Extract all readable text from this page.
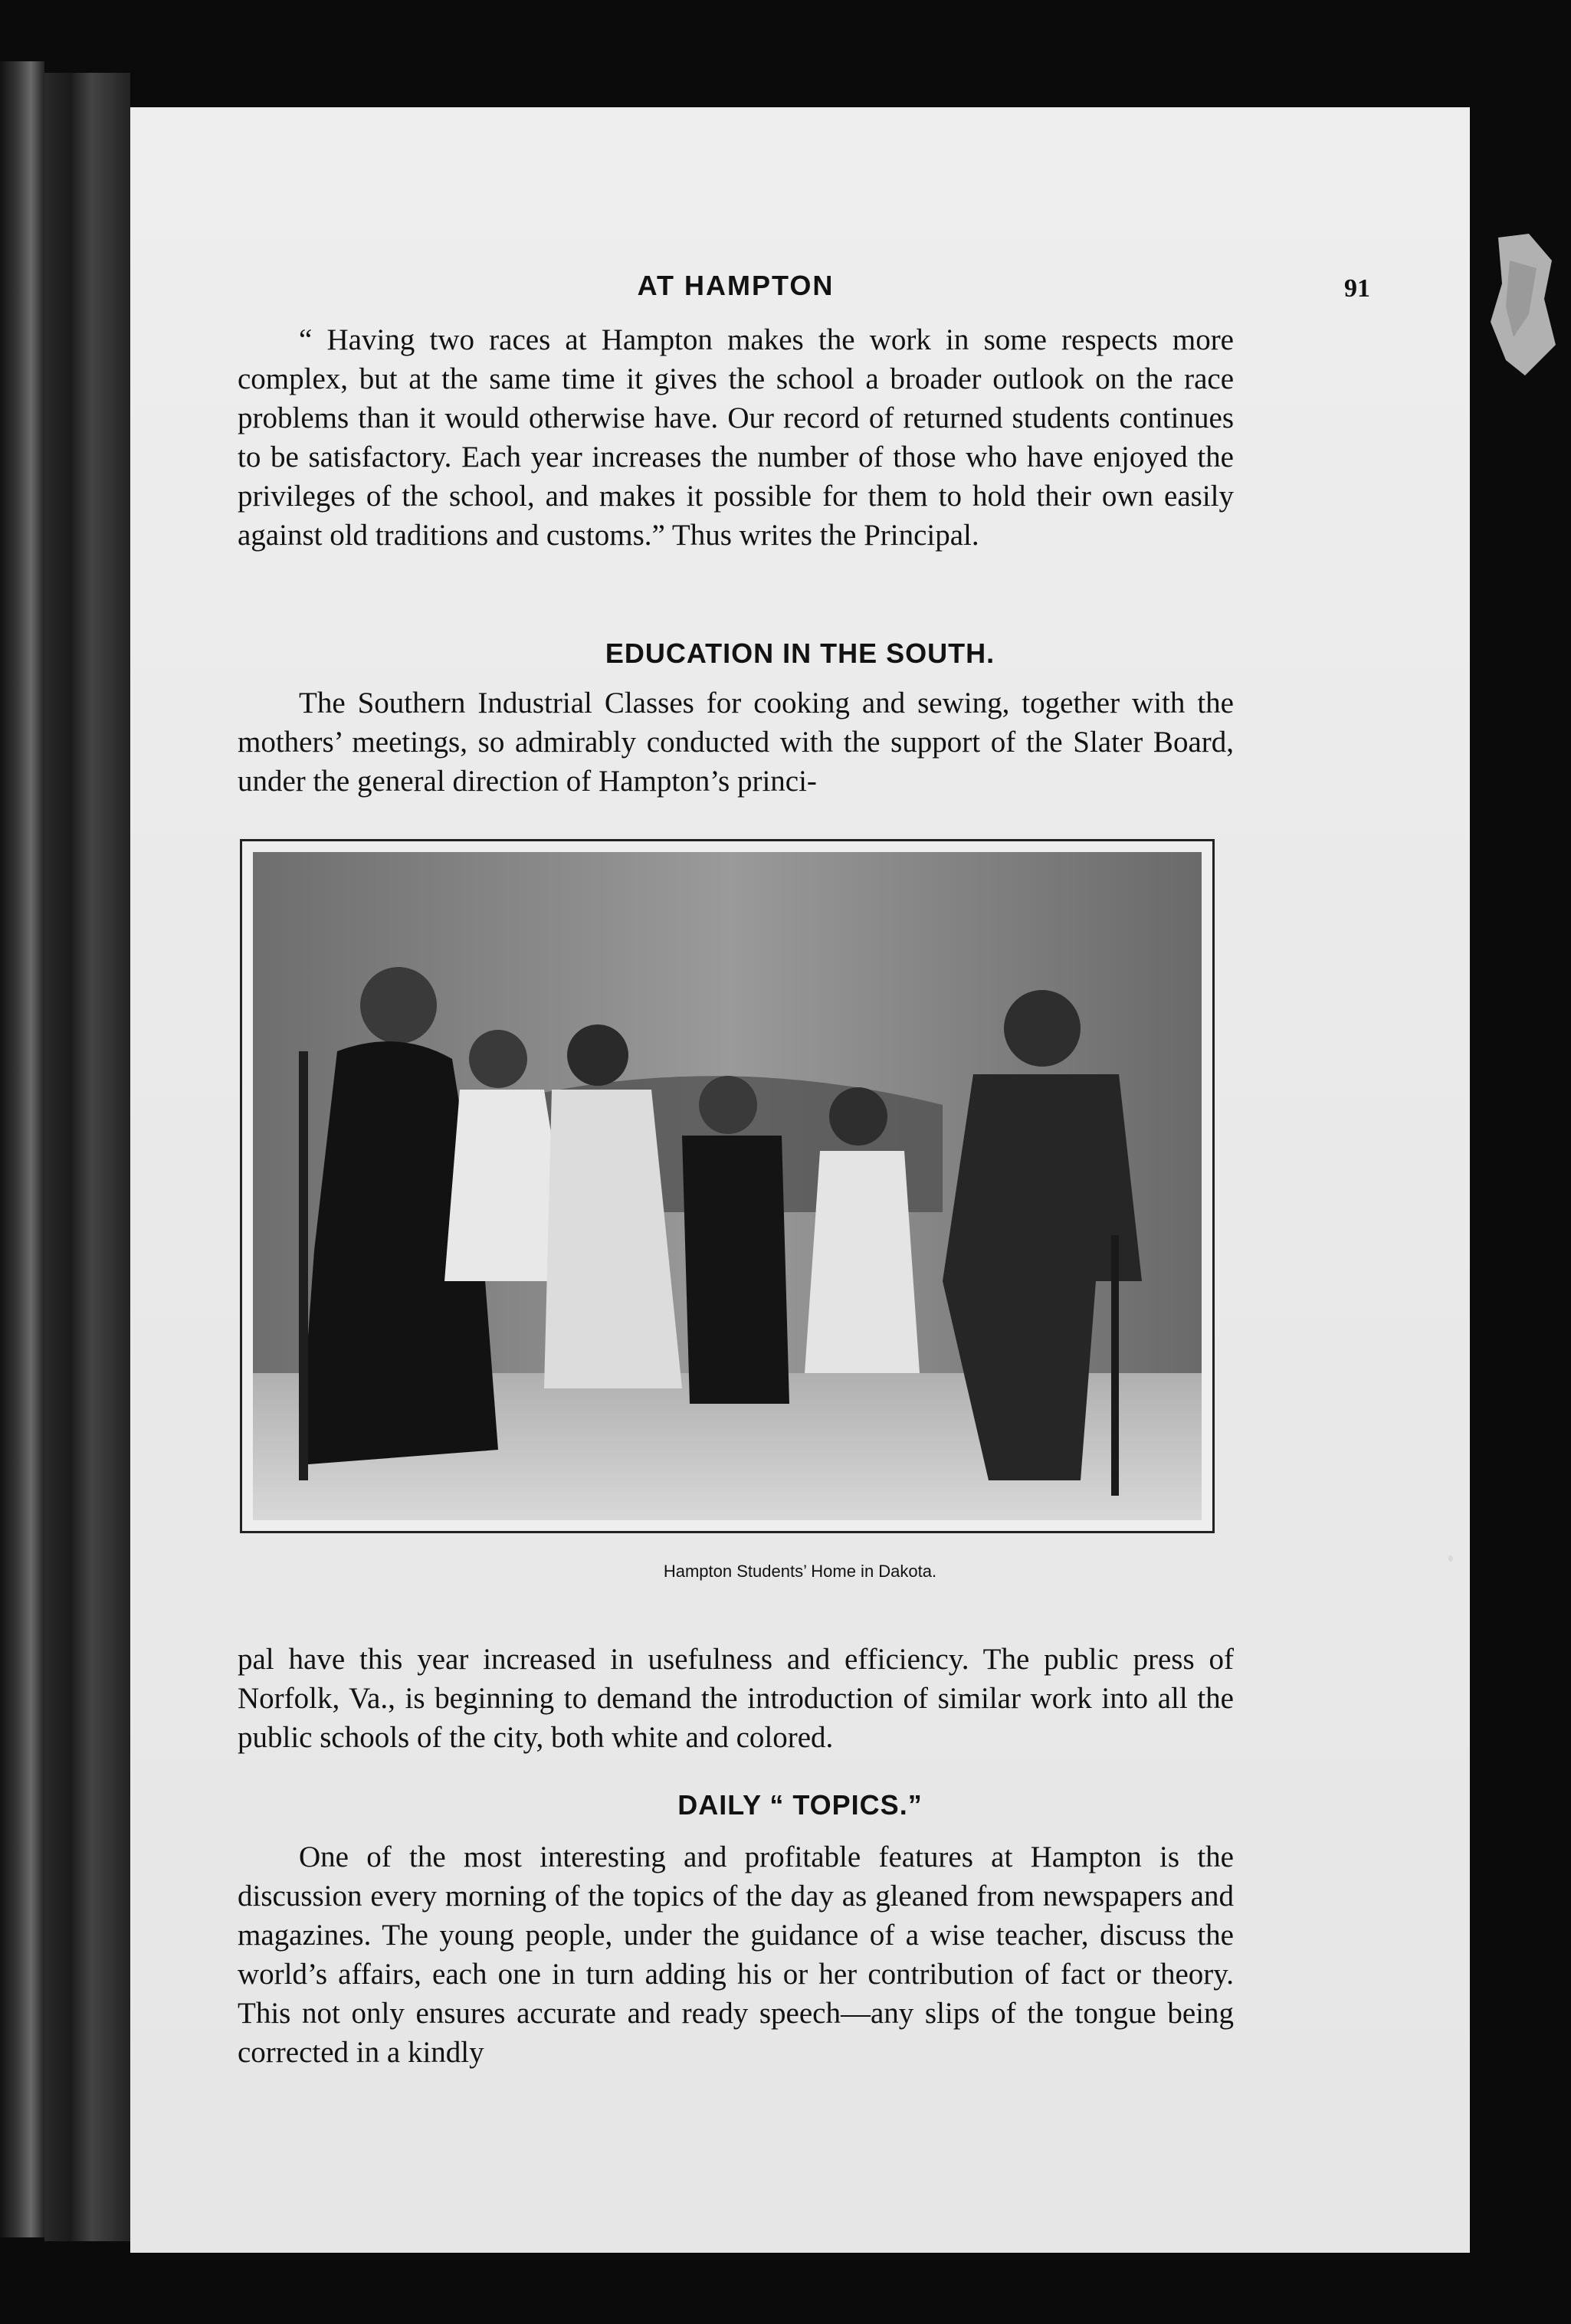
AT HAMPTON	91

“ Having two races at Hampton makes the work in some respects more complex, but at the same time it gives the school a broader outlook on the race problems than it would otherwise have. Our record of returned students continues to be satisfactory. Each year increases the number of those who have enjoyed the privileges of the school, and makes it possible for them to hold their own easily against old traditions and customs.” Thus writes the Principal.

EDUCATION IN THE SOUTH.

The Southern Industrial Classes for cooking and sewing, together with the mothers’ meetings, so admirably conducted with the support of the Slater Board, under the general direction of Hampton’s princi-

Hampton Students’ Home in Dakota.

pal have this year increased in usefulness and efficiency. The public press of Norfolk, Va., is beginning to demand the introduction of similar work into all the public schools of the city, both white and colored.

DAILY “ TOPICS.”

One of the most interesting and profitable features at Hampton is the discussion every morning of the topics of the day as gleaned from newspapers and magazines. The young people, under the guidance of a wise teacher, discuss the world’s affairs, each one in turn adding his or her contribution of fact or theory. This not only ensures accurate and ready speech—any slips of the tongue being corrected in a kindly
